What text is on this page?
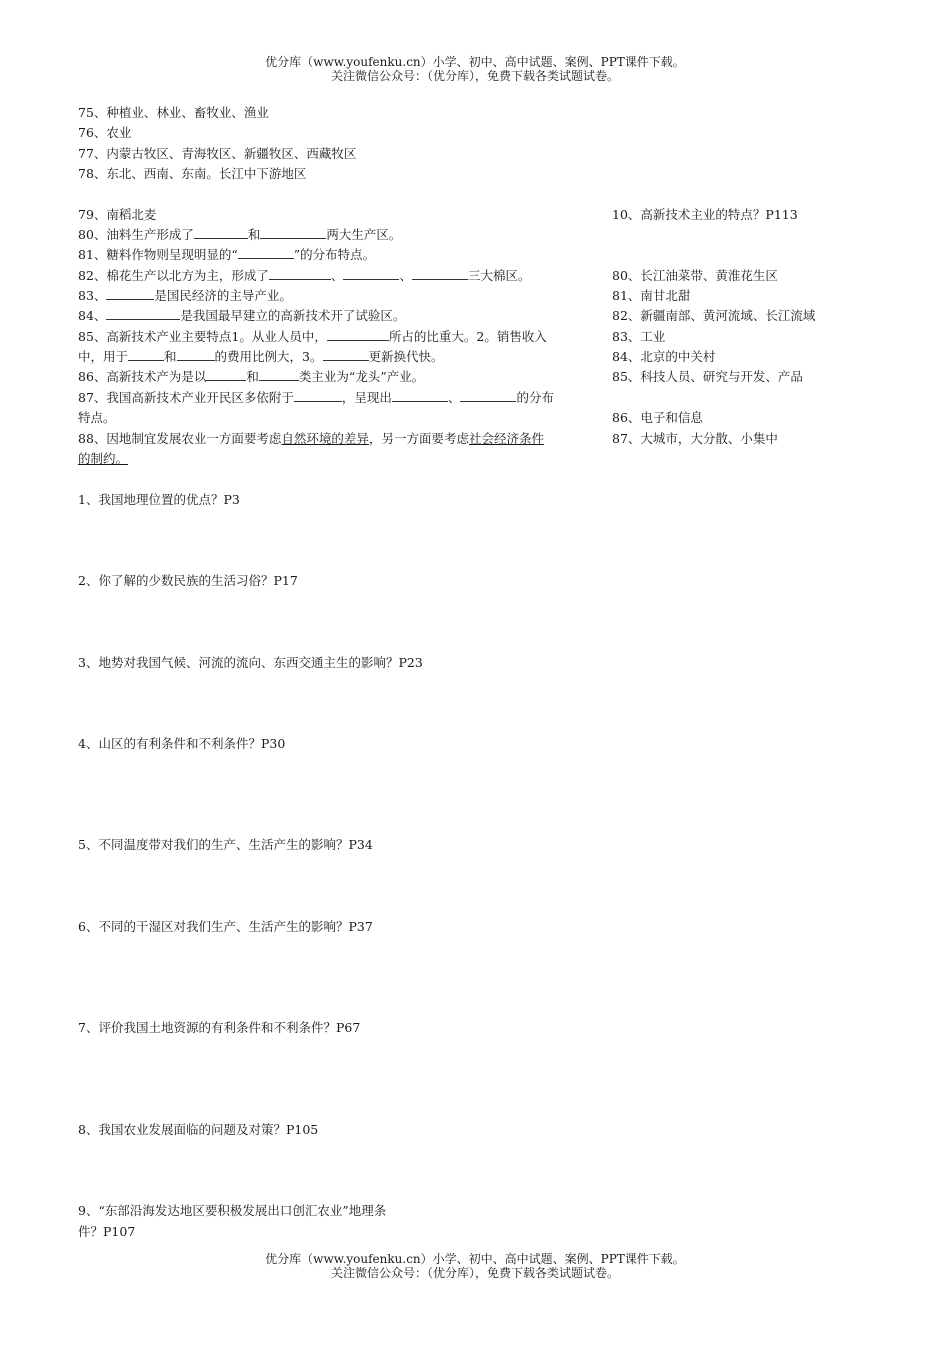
优分库（www.youfenku.cn）小学、初中、高中试题、案例、PPT课件下载。
关注微信公众号：（优分库），免费下载各类试题试卷。
75、种植业、林业、畜牧业、渔业
76、农业
77、内蒙古牧区、青海牧区、新疆牧区、西藏牧区
78、东北、西南、东南。长江中下游地区
79、南稻北麦
80、油料生产形成了	和	两大生产区。
81、糖料作物则呈现明显的“	”的分布特点。
82、棉花生产以北方为主，形成了	、	、	三大棉区。
83、	是国民经济的主导产业。
84、	是我国最早建立的高新技术开了试验区。
85、高新技术产业主要特点1。从业人员中，	所占的比重大。2。销售收入
中，用于	和	的费用比例大，3。	更新换代快。
86、高新技术产为是以	和	类主业为“龙头”产业。
87、我国高新技术产业开民区多依附于	，呈现出	、	的分布
特点。
88、因地制宜发展农业一方面要考虑自然环境的差异，另一方面要考虑社会经济条件
的制约。
10、高新技术主业的特点？P113
80、长江油菜带、黄淮花生区
81、南甘北甜
82、新疆南部、黄河流域、长江流域
83、工业
84、北京的中关村
85、科技人员、研究与开发、产品
86、电子和信息
87、大城市，大分散、小集中
1、我国地理位置的优点？P3
2、你了解的少数民族的生活习俗？P17
3、地势对我国气候、河流的流向、东西交通主生的影响？P23
4、山区的有利条件和不利条件？P30
5、不同温度带对我们的生产、生活产生的影响？P34
6、不同的干湿区对我们生产、生活产生的影响？P37
7、评价我国土地资源的有利条件和不利条件？P67
8、我国农业发展面临的问题及对策？P105
9、“东部沿海发达地区要积极发展出口创汇农业”地理条
件？P107
优分库（www.youfenku.cn）小学、初中、高中试题、案例、PPT课件下载。
关注微信公众号：（优分库），免费下载各类试题试卷。
